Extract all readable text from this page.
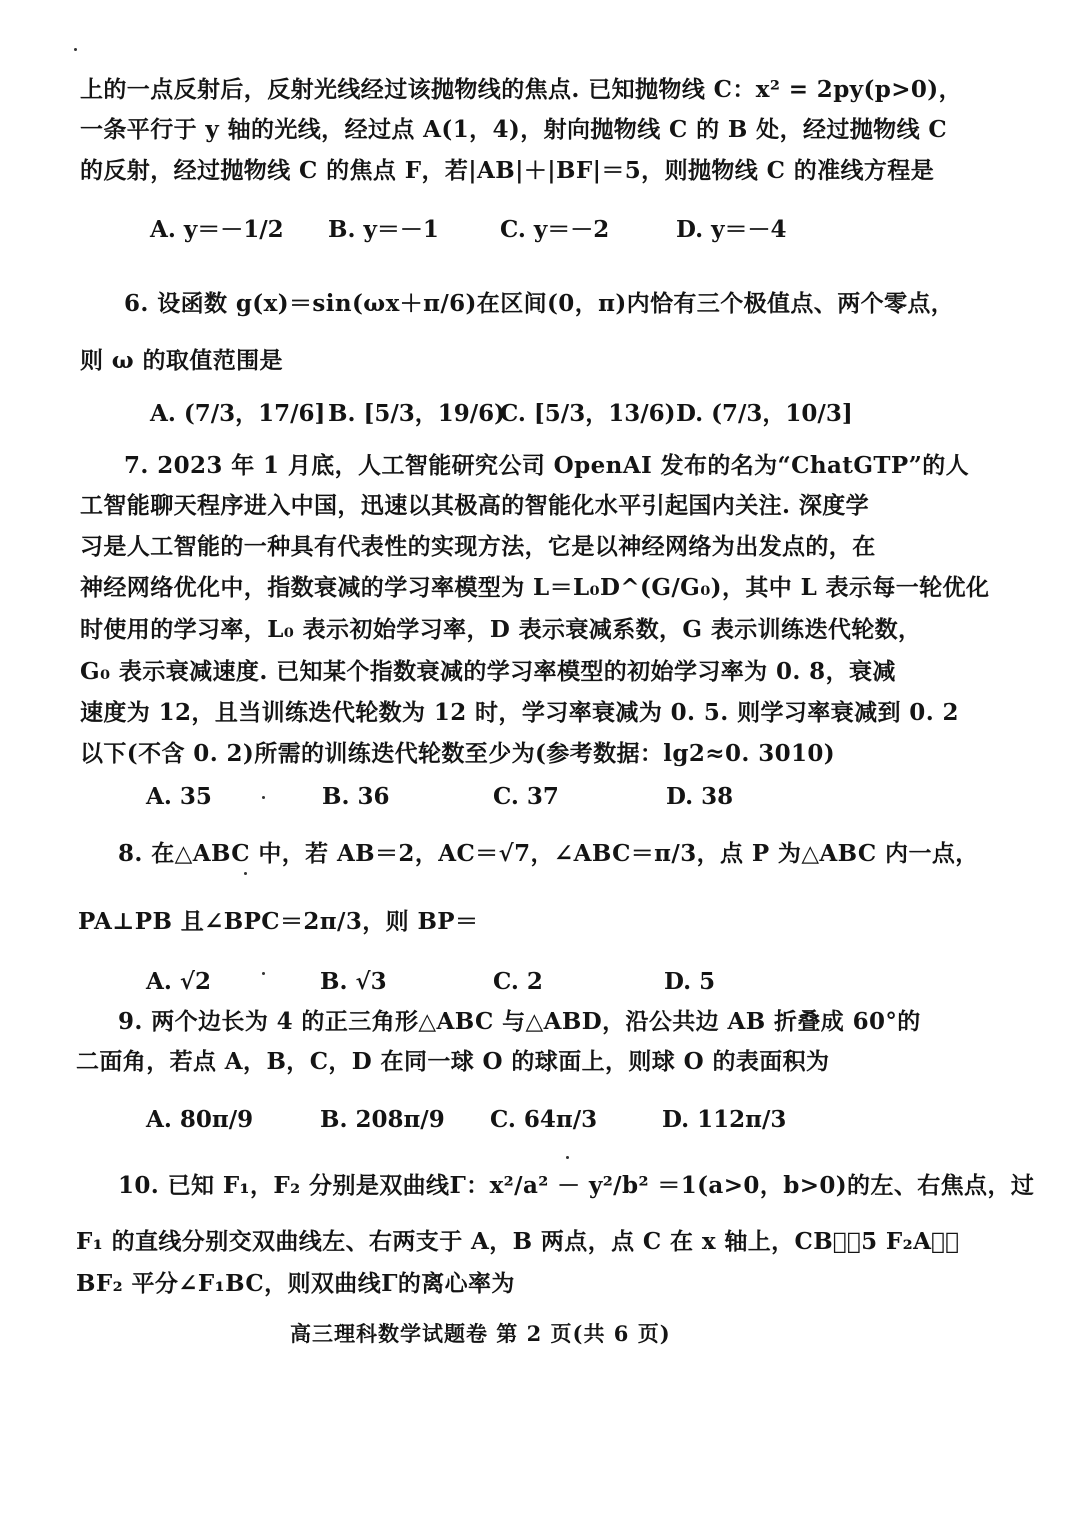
上的一点反射后，反射光线经过该抛物线的焦点. 已知抛物线 C：x² = 2py(p>0)，
一条平行于 y 轴的光线，经过点 A(1，4)，射向抛物线 C 的 B 处，经过抛物线 C
的反射，经过抛物线 C 的焦点 F，若|AB|＋|BF|＝5，则抛物线 C 的准线方程是
A. y＝－1/2 B. y＝－1	C. y＝－2	D. y＝－4
6. 设函数 g(x)＝sin(ωx＋π/6)在区间(0，π)内恰有三个极值点、两个零点，
则 ω 的取值范围是
A. (7/3，17/6] B. [5/3，19/6)
C. [5/3，13/6) D. (7/3，10/3]
7. 2023 年 1 月底，人工智能研究公司 OpenAI 发布的名为“ChatGTP”的人
工智能聊天程序进入中国，迅速以其极高的智能化水平引起国内关注. 深度学
习是人工智能的一种具有代表性的实现方法，它是以神经网络为出发点的，在
神经网络优化中，指数衰减的学习率模型为 L＝L₀D^(G/G₀)，其中 L 表示每一轮优化
时使用的学习率，L₀ 表示初始学习率，D 表示衰减系数，G 表示训练迭代轮数，
G₀ 表示衰减速度. 已知某个指数衰减的学习率模型的初始学习率为 0. 8，衰减
速度为 12，且当训练迭代轮数为 12 时，学习率衰减为 0. 5. 则学习率衰减到 0. 2
以下(不含 0. 2)所需的训练迭代轮数至少为(参考数据：lg2≈0. 3010)
A. 35	B. 36	C. 37	D. 38
8. 在△ABC 中，若 AB＝2，AC＝√7，∠ABC＝π/3，点 P 为△ABC 内一点，
PA⊥PB 且∠BPC＝2π/3，则 BP＝
A. √2	B. √3	C. 2	D. 5
9. 两个边长为 4 的正三角形△ABC 与△ABD，沿公共边 AB 折叠成 60°的
二面角，若点 A，B，C，D 在同一球 O 的球面上，则球 O 的表面积为
A. 80π/9	B. 208π/9 C. 64π/3	D. 112π/3
10. 已知 F₁，F₂ 分别是双曲线Γ：x²/a² － y²/b² ＝1(a>0，b>0)的左、右焦点，过
F₁ 的直线分别交双曲线左、右两支于 A，B 两点，点 C 在 x 轴上，CB⃗＝5 F₂A⃗，
BF₂ 平分∠F₁BC，则双曲线Γ的离心率为
高三理科数学试题卷 第 2 页(共 6 页)
